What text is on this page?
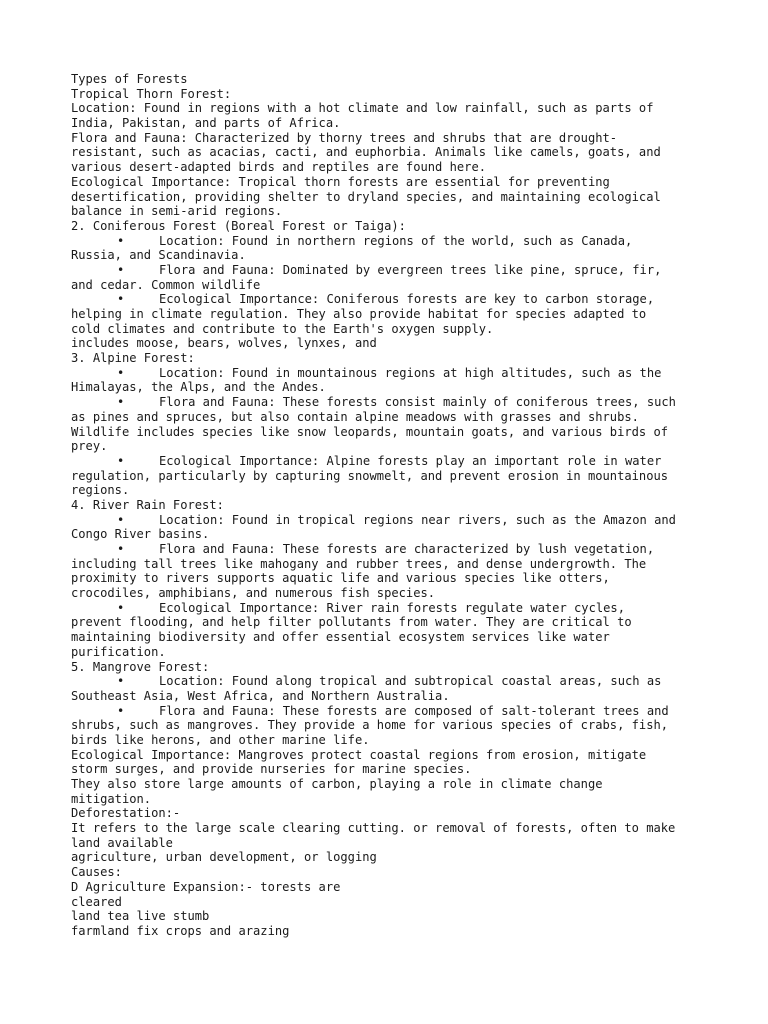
Types of Forests
Tropical Thorn Forest:
Location: Found in regions with a hot climate and low rainfall, such as parts of
India, Pakistan, and parts of Africa.
Flora and Fauna: Characterized by thorny trees and shrubs that are drought-
resistant, such as acacias, cacti, and euphorbia. Animals like camels, goats, and
various desert-adapted birds and reptiles are found here.
Ecological Importance: Tropical thorn forests are essential for preventing
desertification, providing shelter to dryland species, and maintaining ecological
balance in semi-arid regions.
2. Coniferous Forest (Boreal Forest or Taiga):
•	Location: Found in northern regions of the world, such as Canada,
Russia, and Scandinavia.
•	Flora and Fauna: Dominated by evergreen trees like pine, spruce, fir,
and cedar. Common wildlife
•	Ecological Importance: Coniferous forests are key to carbon storage,
helping in climate regulation. They also provide habitat for species adapted to
cold climates and contribute to the Earth's oxygen supply.
includes moose, bears, wolves, lynxes, and
3. Alpine Forest:
•	Location: Found in mountainous regions at high altitudes, such as the
Himalayas, the Alps, and the Andes.
•	Flora and Fauna: These forests consist mainly of coniferous trees, such
as pines and spruces, but also contain alpine meadows with grasses and shrubs.
Wildlife includes species like snow leopards, mountain goats, and various birds of
prey.
•	Ecological Importance: Alpine forests play an important role in water
regulation, particularly by capturing snowmelt, and prevent erosion in mountainous
regions.
4. River Rain Forest:
•	Location: Found in tropical regions near rivers, such as the Amazon and
Congo River basins.
•	Flora and Fauna: These forests are characterized by lush vegetation,
including tall trees like mahogany and rubber trees, and dense undergrowth. The
proximity to rivers supports aquatic life and various species like otters,
crocodiles, amphibians, and numerous fish species.
•	Ecological Importance: River rain forests regulate water cycles,
prevent flooding, and help filter pollutants from water. They are critical to
maintaining biodiversity and offer essential ecosystem services like water
purification.
5. Mangrove Forest:
•	Location: Found along tropical and subtropical coastal areas, such as
Southeast Asia, West Africa, and Northern Australia.
•	Flora and Fauna: These forests are composed of salt-tolerant trees and
shrubs, such as mangroves. They provide a home for various species of crabs, fish,
birds like herons, and other marine life.
Ecological Importance: Mangroves protect coastal regions from erosion, mitigate
storm surges, and provide nurseries for marine species.
They also store large amounts of carbon, playing a role in climate change
mitigation.
Deforestation:-
It refers to the large scale clearing cutting. or removal of forests, often to make
land available
agriculture, urban development, or logging
Causes:
D Agriculture Expansion:- torests are
cleared
land tea live stumb
farmland fix crops and arazing
